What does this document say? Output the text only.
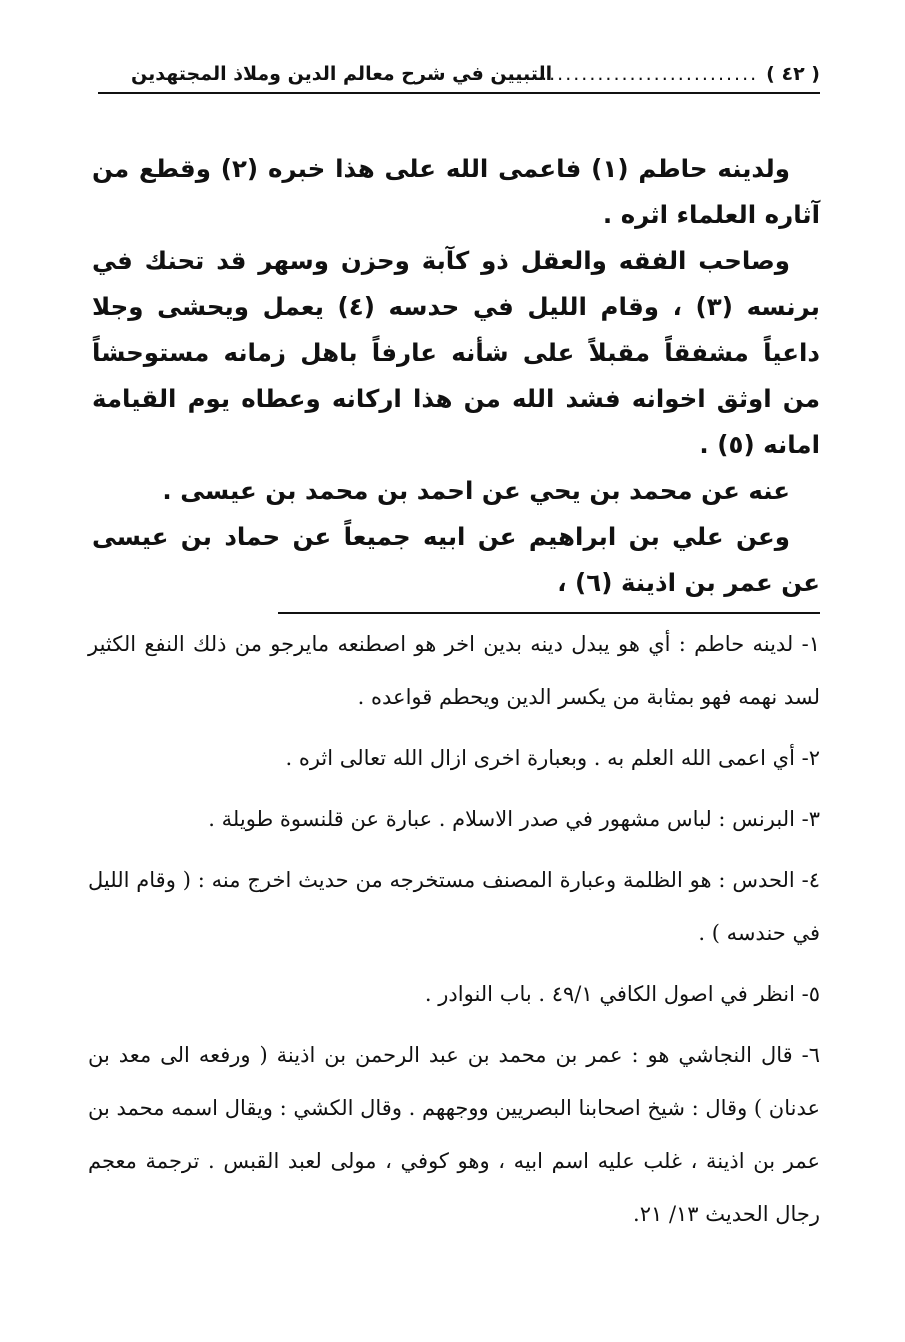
( ٤٢ )
................................
التبيين في شرح معالم الدين وملاذ المجتهدين

ولدينه حاطم (١) فاعمى الله على هذا خبره (٢) وقطع من آثاره العلماء اثره .

وصاحب الفقه والعقل ذو كآبة وحزن وسهر قد تحنك في برنسه (٣) ، وقام الليل في حدسه (٤) يعمل ويحشى وجلا داعياً مشفقاً مقبلاً على شأنه عارفاً باهل زمانه مستوحشاً من اوثق اخوانه فشد الله من هذا اركانه وعطاه يوم القيامة امانه (٥) .

عنه عن محمد بن يحي عن احمد بن محمد بن عيسى .

وعن علي بن ابراهيم عن ابيه جميعاً عن حماد بن عيسى عن عمر بن اذينة (٦) ،

١- لدينه حاطم : أي هو يبدل دينه بدين اخر هو اصطنعه مايرجو من ذلك النفع الكثير لسد نهمه فهو بمثابة من يكسر الدين ويحطم قواعده .

٢- أي اعمى الله العلم به . وبعبارة اخرى ازال الله تعالى اثره .

٣- البرنس : لباس مشهور في صدر الاسلام . عبارة عن قلنسوة طويلة .

٤- الحدس : هو الظلمة وعبارة المصنف مستخرجه من حديث اخرج منه : ( وقام الليل في حندسه ) .

٥- انظر في اصول الكافي ٤٩/١ . باب النوادر .

٦- قال النجاشي هو : عمر بن محمد بن عبد الرحمن بن اذينة ( ورفعه الى معد بن عدنان ) وقال : شيخ اصحابنا البصريين ووجههم . وقال الكشي : ويقال اسمه محمد بن عمر بن اذينة ، غلب عليه اسم ابيه ، وهو كوفي ، مولى لعبد القبس . ترجمة معجم رجال الحديث ١٣/ ٢١.
